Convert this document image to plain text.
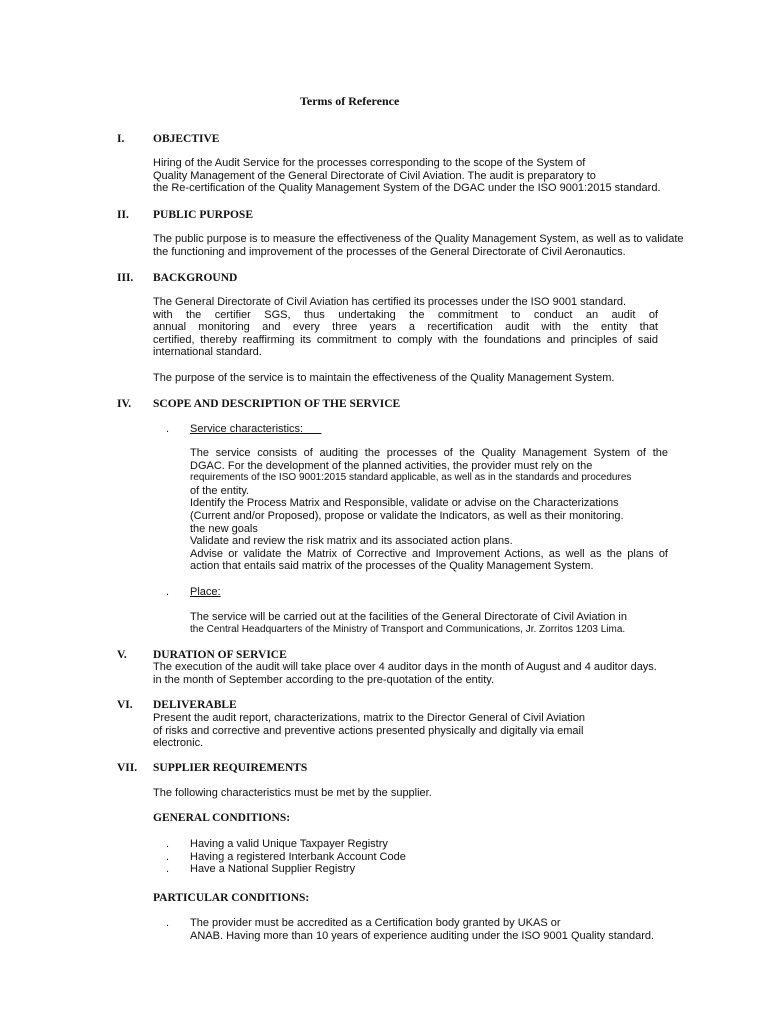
Terms of Reference
I. OBJECTIVE
Hiring of the Audit Service for the processes corresponding to the scope of the System of
Quality Management of the General Directorate of Civil Aviation. The audit is preparatory to
the Re-certification of the Quality Management System of the DGAC under the ISO 9001:2015 standard.
II. PUBLIC PURPOSE
The public purpose is to measure the effectiveness of the Quality Management System, as well as to validate
the functioning and improvement of the processes of the General Directorate of Civil Aeronautics.
III. BACKGROUND
The General Directorate of Civil Aviation has certified its processes under the ISO 9001 standard.
with the certifier SGS, thus undertaking the commitment to conduct an audit of
annual monitoring and every three years a recertification audit with the entity that
certified, thereby reaffirming its commitment to comply with the foundations and principles of said
international standard.
The purpose of the service is to maintain the effectiveness of the Quality Management System.
IV. SCOPE AND DESCRIPTION OF THE SERVICE
. Service characteristics:
The service consists of auditing the processes of the Quality Management System of the
DGAC. For the development of the planned activities, the provider must rely on the
requirements of the ISO 9001:2015 standard applicable, as well as in the standards and procedures
of the entity.
Identify the Process Matrix and Responsible, validate or advise on the Characterizations
(Current and/or Proposed), propose or validate the Indicators, as well as their monitoring.
the new goals
Validate and review the risk matrix and its associated action plans.
Advise or validate the Matrix of Corrective and Improvement Actions, as well as the plans of
action that entails said matrix of the processes of the Quality Management System.
. Place:
The service will be carried out at the facilities of the General Directorate of Civil Aviation in
the Central Headquarters of the Ministry of Transport and Communications, Jr. Zorritos 1203 Lima.
V. DURATION OF SERVICE
The execution of the audit will take place over 4 auditor days in the month of August and 4 auditor days.
in the month of September according to the pre-quotation of the entity.
VI. DELIVERABLE
Present the audit report, characterizations, matrix to the Director General of Civil Aviation
of risks and corrective and preventive actions presented physically and digitally via email
electronic.
VII. SUPPLIER REQUIREMENTS
The following characteristics must be met by the supplier.
GENERAL CONDITIONS:
. Having a valid Unique Taxpayer Registry
. Having a registered Interbank Account Code
. Have a National Supplier Registry
PARTICULAR CONDITIONS:
. The provider must be accredited as a Certification body granted by UKAS or
ANAB. Having more than 10 years of experience auditing under the ISO 9001 Quality standard.
